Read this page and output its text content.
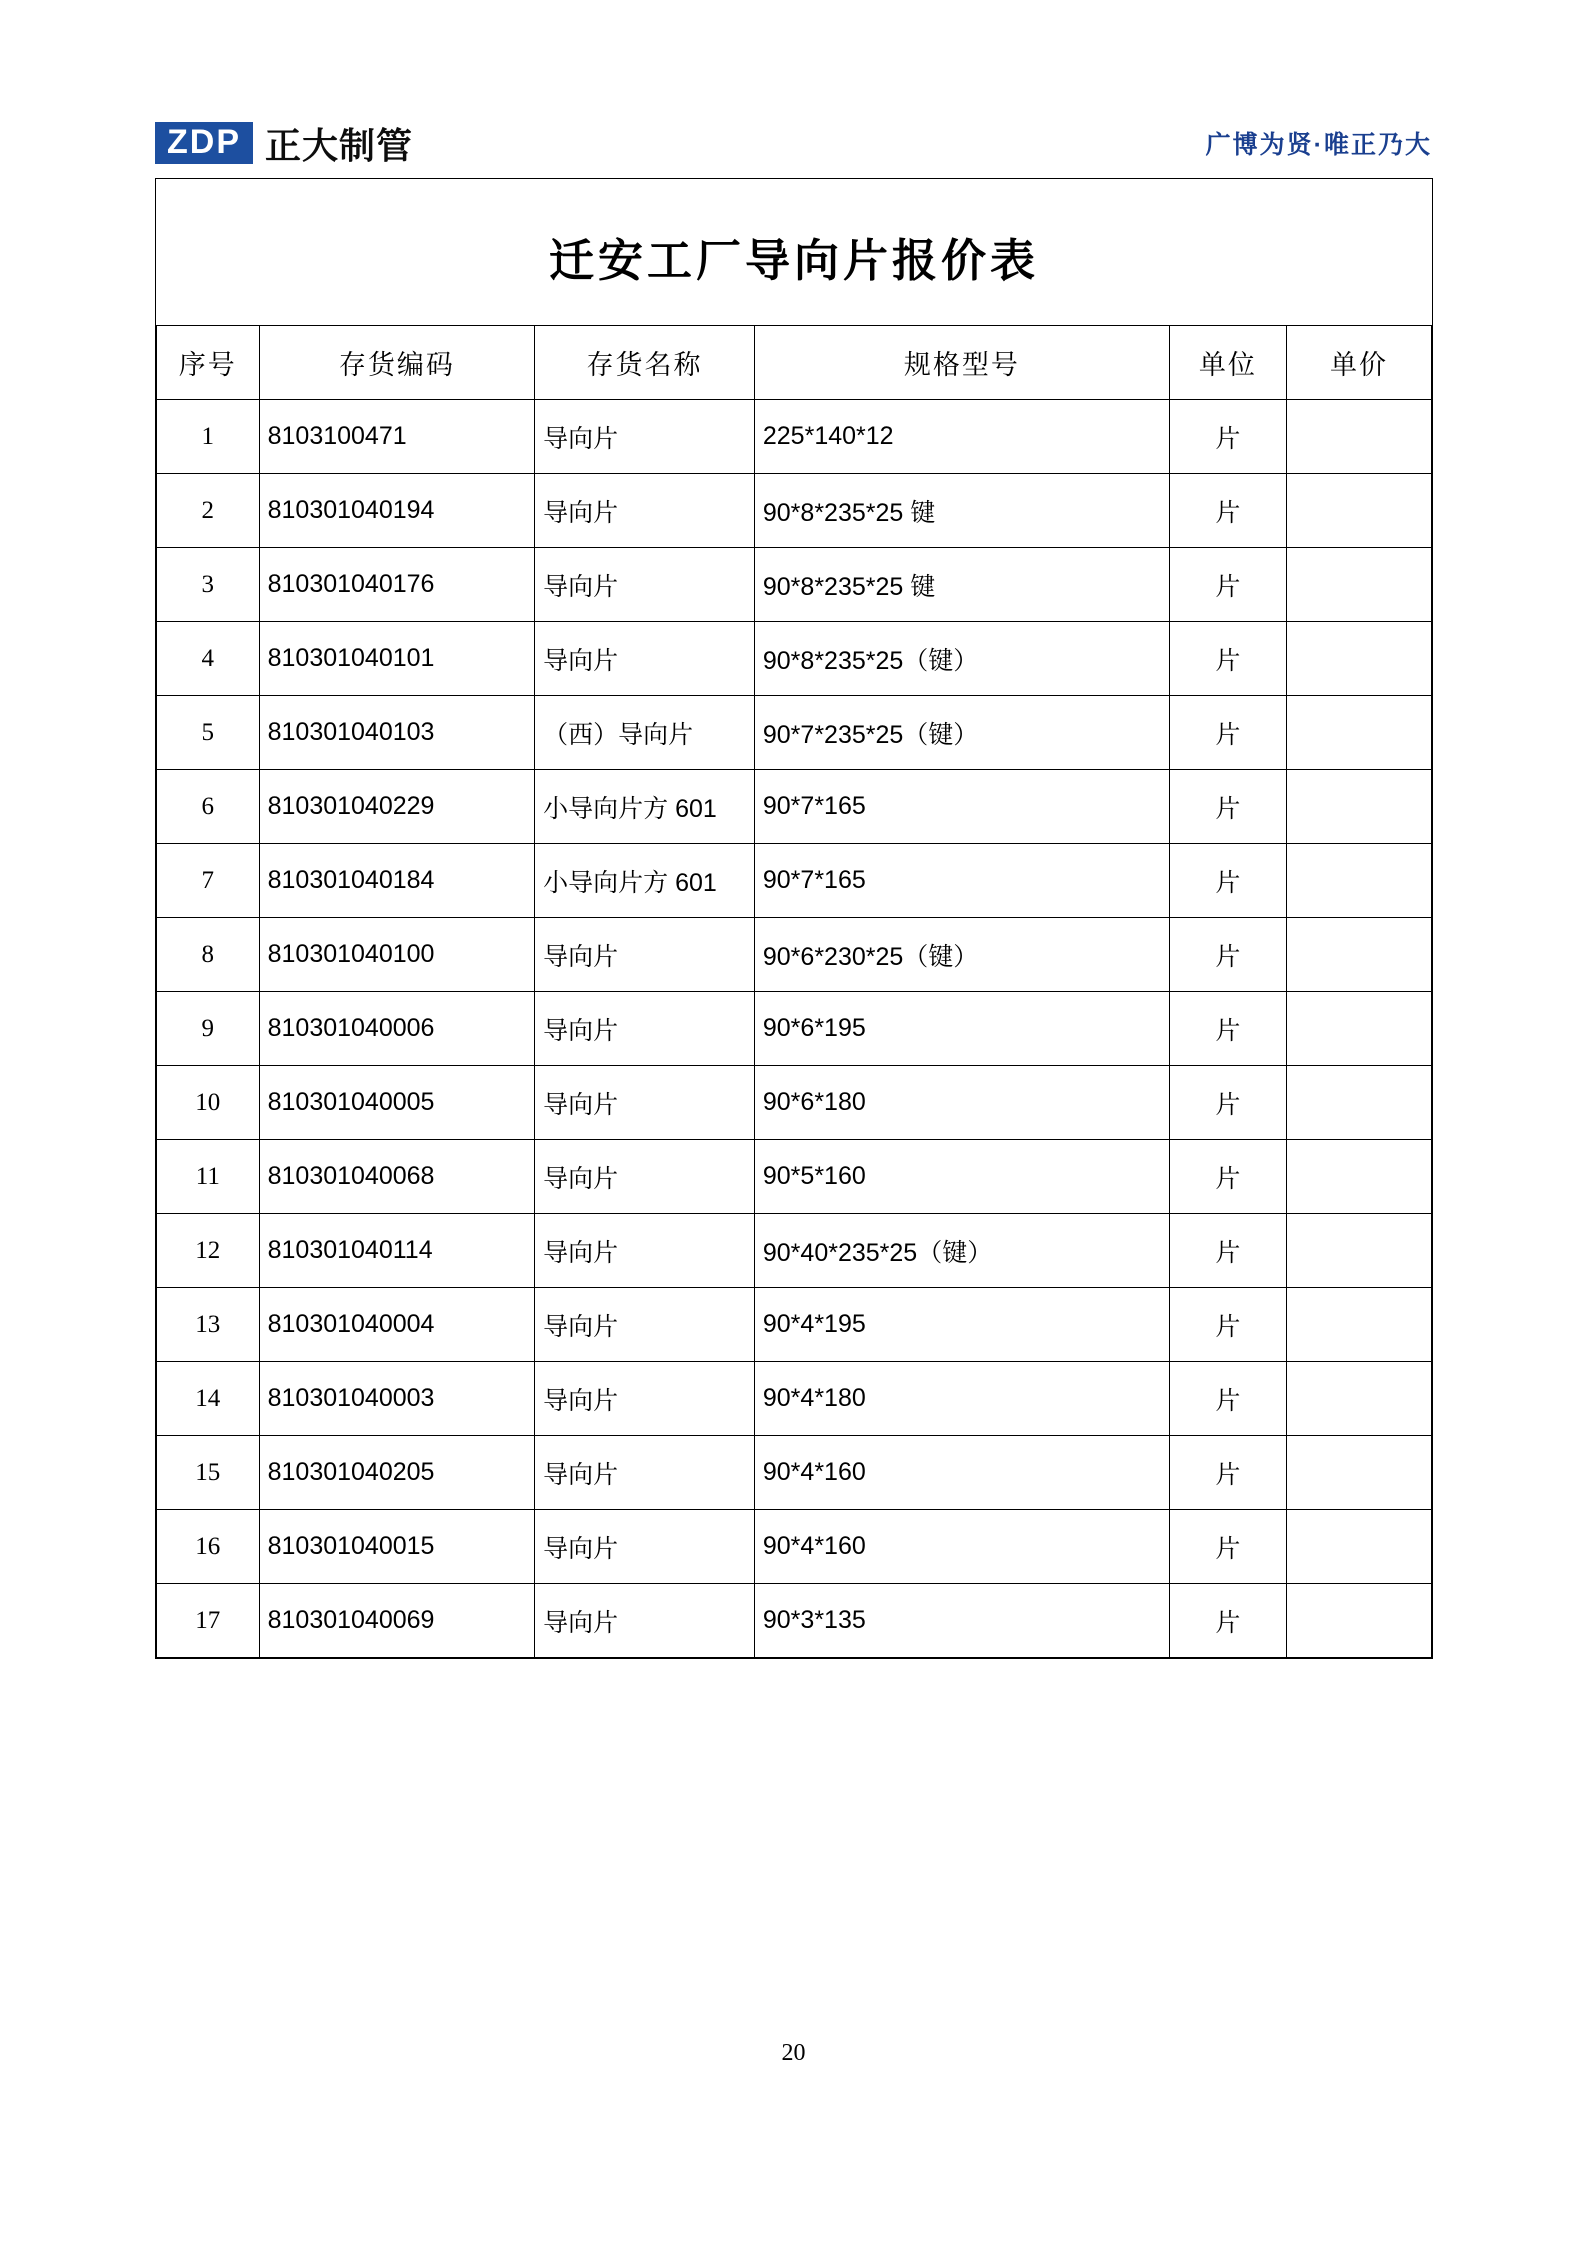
ZDP 正大制管	广博为贤·唯正乃大
迁安工厂导向片报价表
序号	存货编码	存货名称	规格型号	单位	单价
1	8103100471	导向片	225*140*12	片	
2	810301040194	导向片	90*8*235*25 键	片	
3	810301040176	导向片	90*8*235*25 键	片	
4	810301040101	导向片	90*8*235*25（键）	片	
5	810301040103	（西）导向片	90*7*235*25（键）	片	
6	810301040229	小导向片方 601	90*7*165	片	
7	810301040184	小导向片方 601	90*7*165	片	
8	810301040100	导向片	90*6*230*25（键）	片	
9	810301040006	导向片	90*6*195	片	
10	810301040005	导向片	90*6*180	片	
11	810301040068	导向片	90*5*160	片	
12	810301040114	导向片	90*40*235*25（键）	片	
13	810301040004	导向片	90*4*195	片	
14	810301040003	导向片	90*4*180	片	
15	810301040205	导向片	90*4*160	片	
16	810301040015	导向片	90*4*160	片	
17	810301040069	导向片	90*3*135	片	
20
